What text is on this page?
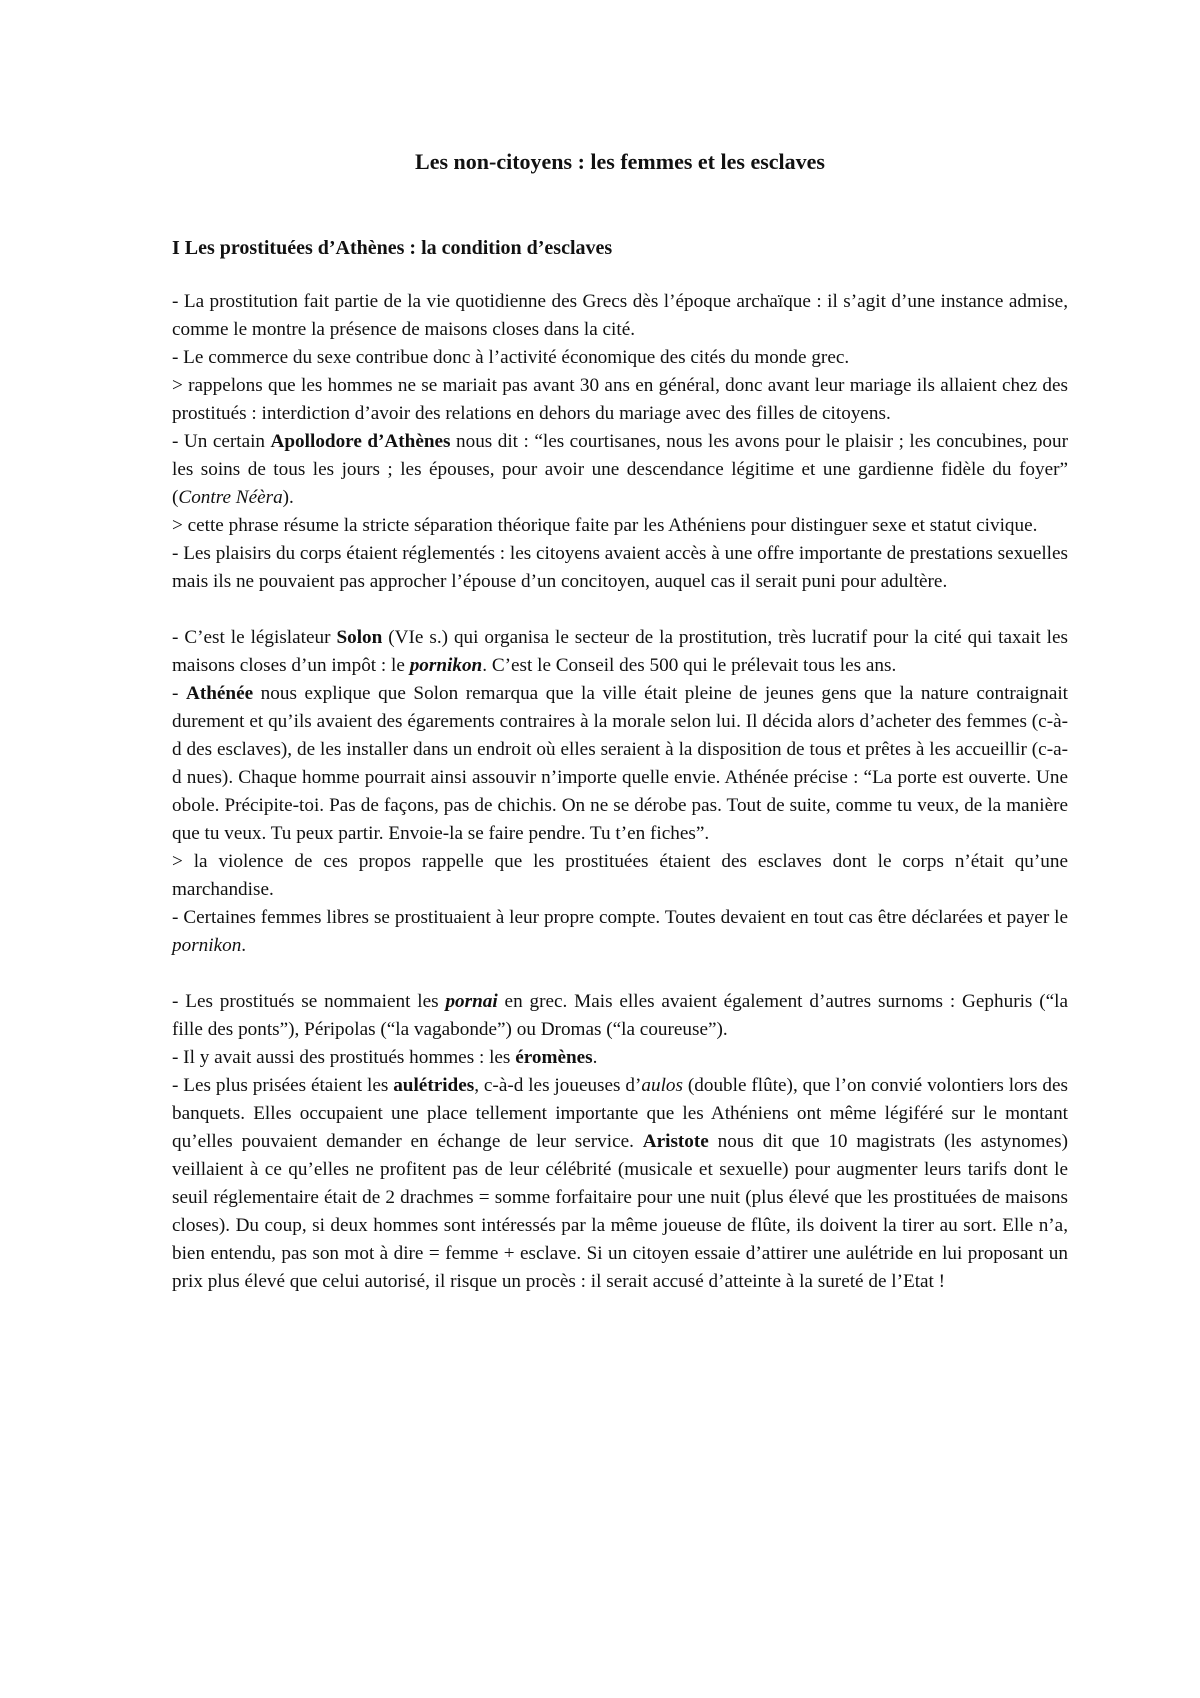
Les non-citoyens : les femmes et les esclaves
I Les prostituées d’Athènes : la condition d’esclaves

- La prostitution fait partie de la vie quotidienne des Grecs dès l’époque archaïque : il s’agit d’une instance admise, comme le montre la présence de maisons closes dans la cité.

- Le commerce du sexe contribue donc à l’activité économique des cités du monde grec.

> rappelons que les hommes ne se mariait pas avant 30 ans en général, donc avant leur mariage ils allaient chez des prostitués : interdiction d’avoir des relations en dehors du mariage avec des filles de citoyens.

- Un certain Apollodore d’Athènes nous dit : “les courtisanes, nous les avons pour le plaisir ; les concubines, pour les soins de tous les jours ; les épouses, pour avoir une descendance légitime et une gardienne fidèle du foyer” (Contre Néèra).

> cette phrase résume la stricte séparation théorique faite par les Athéniens pour distinguer sexe et statut civique.

- Les plaisirs du corps étaient réglementés : les citoyens avaient accès à une offre importante de prestations sexuelles mais ils ne pouvaient pas approcher l’épouse d’un concitoyen, auquel cas il serait puni pour adultère.

- C’est le législateur Solon (VIe s.) qui organisa le secteur de la prostitution, très lucratif pour la cité qui taxait les maisons closes d’un impôt : le pornikon. C’est le Conseil des 500 qui le prélevait tous les ans.

- Athénée nous explique que Solon remarqua que la ville était pleine de jeunes gens que la nature contraignait durement et qu’ils avaient des égarements contraires à la morale selon lui. Il décida alors d’acheter des femmes (c-à-d des esclaves), de les installer dans un endroit où elles seraient à la disposition de tous et prêtes à les accueillir (c-a-d nues). Chaque homme pourrait ainsi assouvir n’importe quelle envie. Athénée précise : “La porte est ouverte. Une obole. Précipite-toi. Pas de façons, pas de chichis. On ne se dérobe pas. Tout de suite, comme tu veux, de la manière que tu veux. Tu peux partir. Envoie-la se faire pendre. Tu t’en fiches”.

> la violence de ces propos rappelle que les prostituées étaient des esclaves dont le corps n’était qu’une marchandise.

- Certaines femmes libres se prostituaient à leur propre compte. Toutes devaient en tout cas être déclarées et payer le pornikon.

- Les prostitués se nommaient les pornai en grec. Mais elles avaient également d’autres surnoms : Gephuris (“la fille des ponts”), Péripolas (“la vagabonde”) ou Dromas (“la coureuse”).

- Il y avait aussi des prostitués hommes : les éromènes.

- Les plus prisées étaient les aulétrides, c-à-d les joueuses d’aulos (double flûte), que l’on convié volontiers lors des banquets. Elles occupaient une place tellement importante que les Athéniens ont même légiféré sur le montant qu’elles pouvaient demander en échange de leur service. Aristote nous dit que 10 magistrats (les astynomes) veillaient à ce qu’elles ne profitent pas de leur célébrité (musicale et sexuelle) pour augmenter leurs tarifs dont le seuil réglementaire était de 2 drachmes = somme forfaitaire pour une nuit (plus élevé que les prostituées de maisons closes). Du coup, si deux hommes sont intéressés par la même joueuse de flûte, ils doivent la tirer au sort. Elle n’a, bien entendu, pas son mot à dire = femme + esclave. Si un citoyen essaie d’attirer une aulétride en lui proposant un prix plus élevé que celui autorisé, il risque un procès : il serait accusé d’atteinte à la sureté de l’Etat !
